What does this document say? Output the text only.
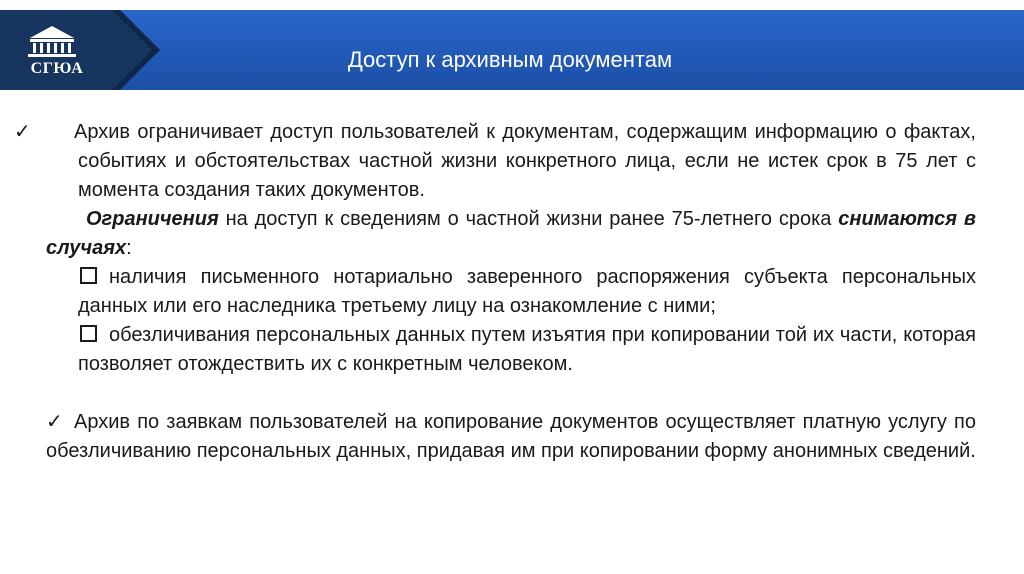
Доступ к архивным документам
СГЮА

✓ Архив ограничивает доступ пользователей к документам, содержащим информацию о фактах, событиях и обстоятельствах частной жизни конкретного лица, если не истек срок в 75 лет с момента создания таких документов.

Ограничения на доступ к сведениям о частной жизни ранее 75-летнего срока снимаются в случаях:

наличия письменного нотариально заверенного распоряжения субъекта персональных данных или его наследника третьему лицу на ознакомление с ними;
обезличивания персональных данных путем изъятия при копировании той их части, которая позволяет отождествить их с конкретным человеком.

✓ Архив по заявкам пользователей на копирование документов осуществляет платную услугу по обезличиванию персональных данных, придавая им при копировании форму анонимных сведений.
